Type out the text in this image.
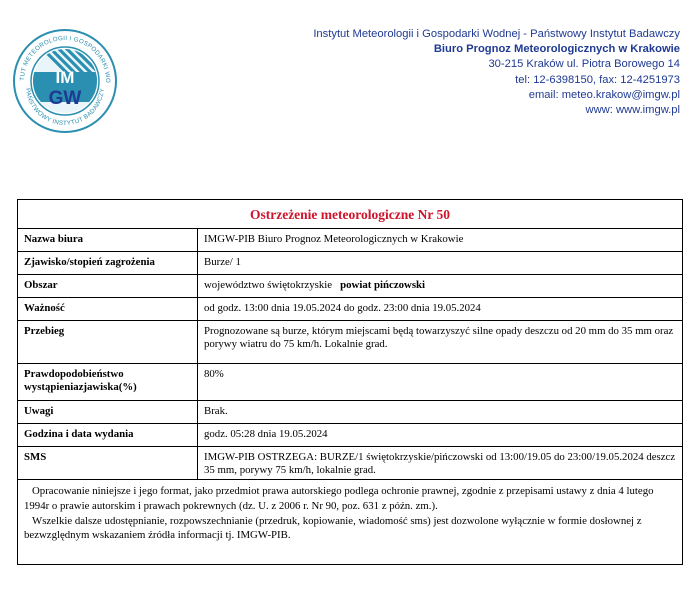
TUT METEOROLOGII I GOSPODARKI WO
PAŃSTWOWY INSTYTUT BADAWCZY
IM
GW
Instytut Meteorologii i Gospodarki Wodnej - Państwowy Instytut Badawczy
Biuro Prognoz Meteorologicznych w Krakowie
30-215 Kraków ul. Piotra Borowego 14
tel: 12-6398150, fax: 12-4251973
email: meteo.krakow@imgw.pl
www: www.imgw.pl
Ostrzeżenie meteorologiczne Nr 50
Nazwa biura	IMGW-PIB Biuro Prognoz Meteorologicznych w Krakowie
Zjawisko/stopień zagrożenia	Burze/ 1
Obszar	województwo świętokrzyskie powiat pińczowski
Ważność	od godz. 13:00 dnia 19.05.2024 do godz. 23:00 dnia 19.05.2024
Przebieg	Prognozowane są burze, którym miejscami będą towarzyszyć silne opady deszczu od 20 mm do 35 mm oraz porywy wiatru do 75 km/h. Lokalnie grad.
Prawdopodobieństwo wystąpieniazjawiska(%)	80%
Uwagi	Brak.
Godzina i data wydania	godz. 05:28 dnia 19.05.2024
SMS	IMGW-PIB OSTRZEGA: BURZE/1 świętokrzyskie/pińczowski od 13:00/19.05 do 23:00/19.05.2024 deszcz 35 mm, porywy 75 km/h, lokalnie grad.

Opracowanie niniejsze i jego format, jako przedmiot prawa autorskiego podlega ochronie prawnej, zgodnie z przepisami ustawy z dnia 4 lutego 1994r o prawie autorskim i prawach pokrewnych (dz. U. z 2006 r. Nr 90, poz. 631 z późn. zm.).

Wszelkie dalsze udostępnianie, rozpowszechnianie (przedruk, kopiowanie, wiadomość sms) jest dozwolone wyłącznie w formie dosłownej z bezwzględnym wskazaniem źródła informacji tj. IMGW-PIB.
